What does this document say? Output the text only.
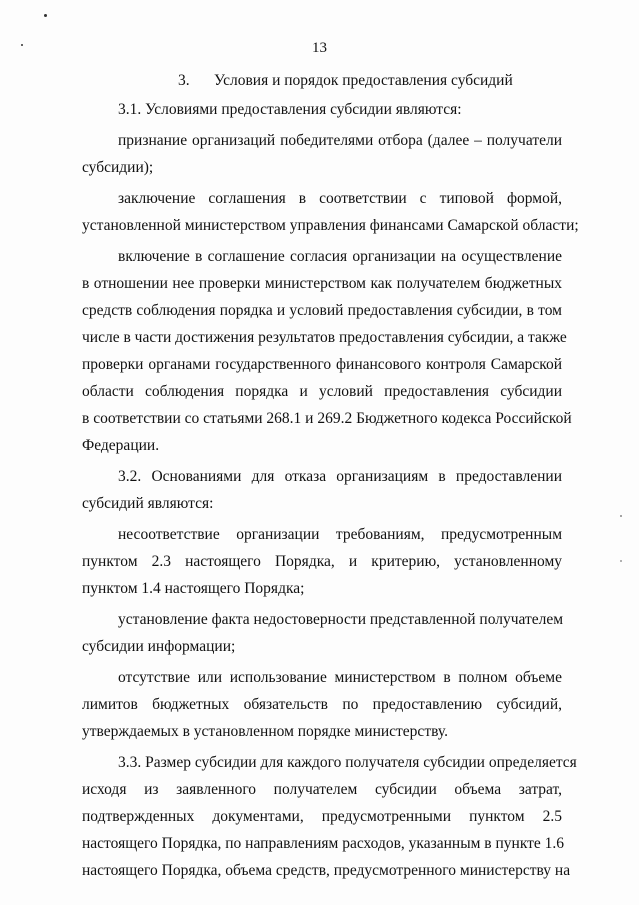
13
3. Условия и порядок предоставления субсидий
3.1. Условиями предоставления субсидии являются:
признание организаций победителями отбора (далее – получатели
субсидии);
заключение соглашения в соответствии с типовой формой,
установленной министерством управления финансами Самарской области;
включение в соглашение согласия организации на осуществление
в отношении нее проверки министерством как получателем бюджетных
средств соблюдения порядка и условий предоставления субсидии, в том
числе в части достижения результатов предоставления субсидии, а также
проверки органами государственного финансового контроля Самарской
области соблюдения порядка и условий предоставления субсидии
в соответствии со статьями 268.1 и 269.2 Бюджетного кодекса Российской
Федерации.
3.2. Основаниями для отказа организациям в предоставлении
субсидий являются:
несоответствие организации требованиям, предусмотренным
пунктом 2.3 настоящего Порядка, и критерию, установленному
пунктом 1.4 настоящего Порядка;
установление факта недостоверности представленной получателем
субсидии информации;
отсутствие или использование министерством в полном объеме
лимитов бюджетных обязательств по предоставлению субсидий,
утверждаемых в установленном порядке министерству.
3.3. Размер субсидии для каждого получателя субсидии определяется
исходя из заявленного получателем субсидии объема затрат,
подтвержденных документами, предусмотренными пунктом 2.5
настоящего Порядка, по направлениям расходов, указанным в пункте 1.6
настоящего Порядка, объема средств, предусмотренного министерству на
